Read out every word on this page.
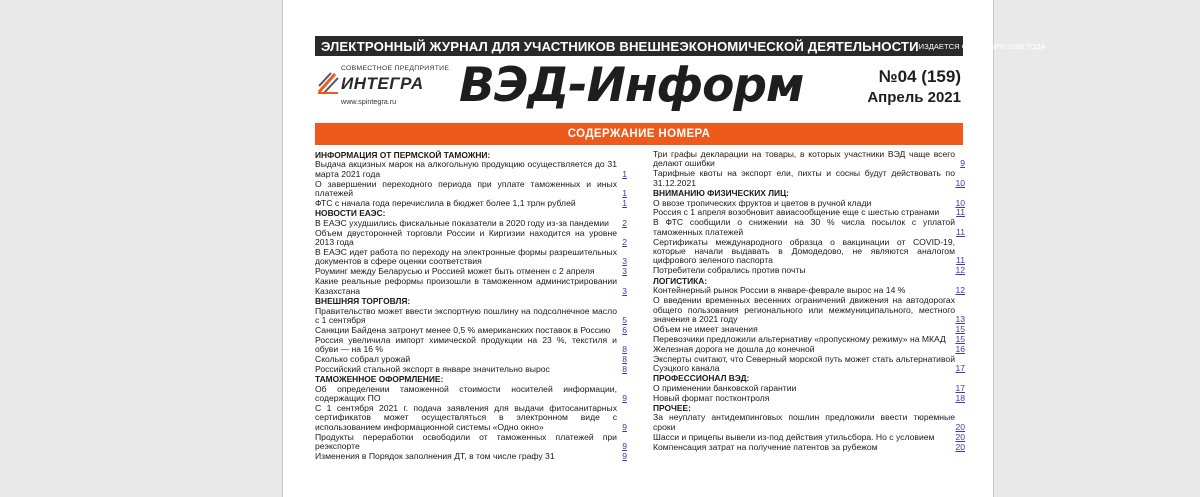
ЭЛЕКТРОННЫЙ ЖУРНАЛ ДЛЯ УЧАСТНИКОВ ВНЕШНЕЭКОНОМИЧЕСКОЙ ДЕЯТЕЛЬНОСТИ ИЗДАЕТСЯ С ОКТЯБРЯ 2008 ГОДА
СОВМЕСТНОЕ ПРЕДПРИЯТИЕ
ИНТЕГРА
www.spintegra.ru ВЭД-Информ	№04 (159)
Апрель 2021
СОДЕРЖАНИЕ НОМЕРА
ИНФОРМАЦИЯ ОТ ПЕРМСКОЙ ТАМОЖНИ:
Выдача акцизных марок на алкогольную продукцию осуществляется до 31 марта 2021 года	1
О завершении переходного периода при уплате таможенных и иных платежей	1
ФТС с начала года перечислила в бюджет более 1,1 трлн рублей	1
НОВОСТИ ЕАЭС:
В ЕАЭС ухудшились фискальные показатели в 2020 году из-за пандемии	2
Объем двусторонней торговли России и Киргизии находится на уровне 2013 года	2
В ЕАЭС идет работа по переходу на электронные формы разрешительных документов в сфере оценки соответствия	3
Роуминг между Беларусью и Россией может быть отменен с 2 апреля	3
Какие реальные реформы произошли в таможенном администрировании Казахстана	3
ВНЕШНЯЯ ТОРГОВЛЯ:
Правительство может ввести экспортную пошлину на подсолнечное масло с 1 сентября	5
Санкции Байдена затронут менее 0,5 % американских поставок в Россию	6
Россия увеличила импорт химической продукции на 23 %, текстиля и обуви — на 16 %	8
Сколько собрал урожай	8
Российский стальной экспорт в январе значительно вырос	8
ТАМОЖЕННОЕ ОФОРМЛЕНИЕ:
Об определении таможенной стоимости носителей информации, содержащих ПО	9
С 1 сентября 2021 г. подача заявления для выдачи фитосанитарных сертификатов может осуществляться в электронном виде с использованием информационной системы «Одно окно»	9
Продукты переработки освободили от таможенных платежей при реэкспорте	9
Изменения в Порядок заполнения ДТ, в том числе графу 31	9
Три графы декларации на товары, в которых участники ВЭД чаще всего делают ошибки	9
Тарифные квоты на экспорт ели, пихты и сосны будут действовать по 31.12.2021	10
ВНИМАНИЮ ФИЗИЧЕСКИХ ЛИЦ:
О ввозе тропических фруктов и цветов в ручной клади	10
Россия с 1 апреля возобновит авиасообщение еще с шестью странами	11
В ФТС сообщили о снижении на 30 % числа посылок с уплатой таможенных платежей	11
Сертификаты международного образца о вакцинации от COVID-19, которые начали выдавать в Домодедово, не являются аналогом цифрового зеленого паспорта	11
Потребители собрались против почты	12
ЛОГИСТИКА:
Контейнерный рынок России в январе-феврале вырос на 14 %	12
О введении временных весенних ограничений движения на автодорогах общего пользования регионального или межмуниципального, местного значения в 2021 году	13
Объем не имеет значения	15
Перевозчики предложили альтернативу «пропускному режиму» на МКАД	15
Железная дорога не дошла до конечной	16
Эксперты считают, что Северный морской путь может стать альтернативой Суэцкого канала	17
ПРОФЕССИОНАЛ ВЭД:
О применении банковской гарантии	17
Новый формат постконтроля	18
ПРОЧЕЕ:
За неуплату антидемпинговых пошлин предложили ввести тюремные сроки	20
Шасси и прицепы вывели из-под действия утильсбора. Но с условием	20
Компенсация затрат на получение патентов за рубежом	20
